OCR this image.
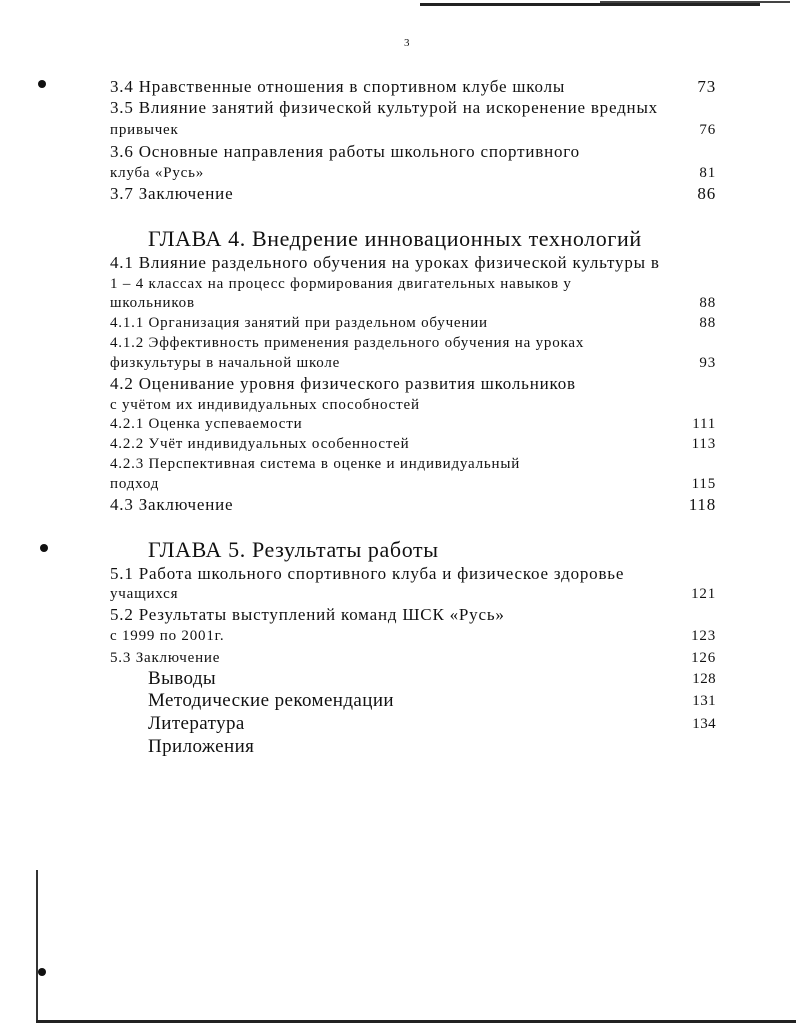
3
3.4 Нравственные отношения в спортивном клубе школы	73
3.5 Влияние занятий физической культурой на искоренение вредных
привычек	76
3.6 Основные направления работы школьного спортивного
клуба «Русь»	81
3.7 Заключение	86
ГЛАВА 4. Внедрение инновационных технологий
4.1 Влияние раздельного обучения на уроках физической культуры в
1 – 4 классах на процесс формирования двигательных навыков у
школьников	88
4.1.1 Организация занятий при раздельном обучении	88
4.1.2 Эффективность применения раздельного обучения на уроках
физкультуры в начальной школе	93
4.2 Оценивание уровня физического развития школьников
с учётом их индивидуальных способностей
4.2.1 Оценка успеваемости	111
4.2.2 Учёт индивидуальных особенностей	113
4.2.3 Перспективная система в оценке и индивидуальный
подход	115
4.3 Заключение	118
ГЛАВА 5. Результаты работы
5.1 Работа школьного спортивного клуба и физическое здоровье
учащихся	121
5.2 Результаты выступлений команд ШСК «Русь»
с 1999 по 2001г.	123
5.3 Заключение	126
Выводы	128
Методические рекомендации	131
Литература	134
Приложения
